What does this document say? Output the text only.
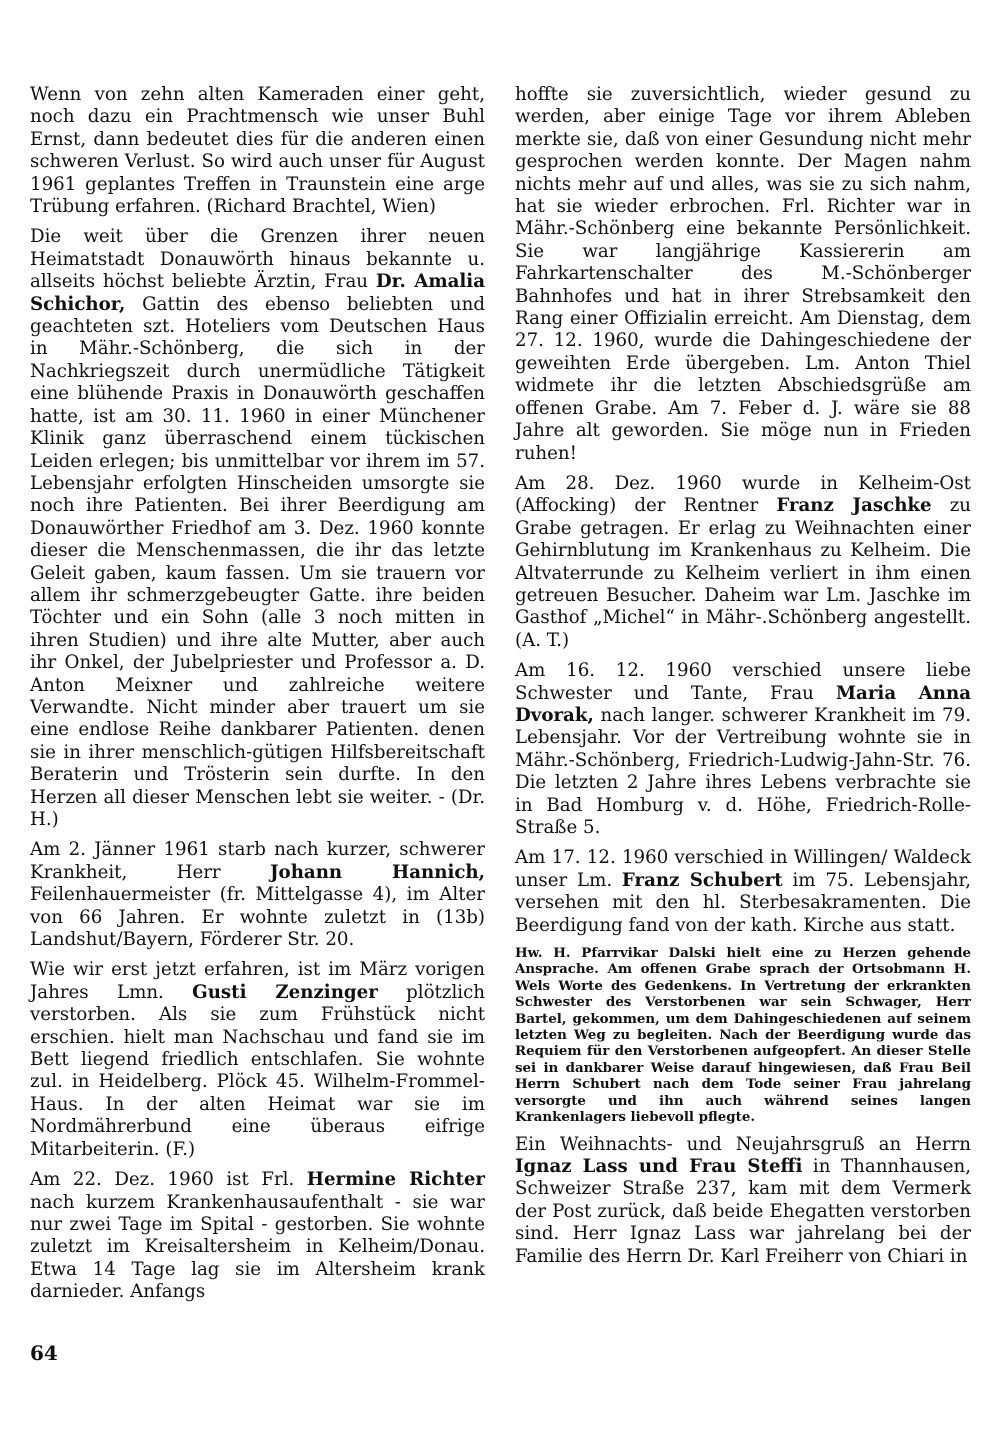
Wenn von zehn alten Kameraden einer geht, noch dazu ein Prachtmensch wie unser Buhl Ernst, dann bedeutet dies für die anderen einen schweren Verlust. So wird auch unser für August 1961 geplantes Treffen in Traunstein eine arge Trübung erfahren. (Richard Brachtel, Wien)

Die weit über die Grenzen ihrer neuen Heimatstadt Donauwörth hinaus bekannte u. allseits höchst beliebte Ärztin, Frau Dr. Amalia Schichor, Gattin des ebenso beliebten und geachteten szt. Hoteliers vom Deutschen Haus in Mähr.-Schönberg, die sich in der Nachkriegszeit durch unermüdliche Tätigkeit eine blühende Praxis in Donauwörth geschaffen hatte, ist am 30. 11. 1960 in einer Münchener Klinik ganz überraschend einem tückischen Leiden erlegen; bis unmittelbar vor ihrem im 57. Lebensjahr erfolgten Hinscheiden umsorgte sie noch ihre Patienten. Bei ihrer Beerdigung am Donauwörther Friedhof am 3. Dez. 1960 konnte dieser die Menschenmassen, die ihr das letzte Geleit gaben, kaum fassen. Um sie trauern vor allem ihr schmerzgebeugter Gatte. ihre beiden Töchter und ein Sohn (alle 3 noch mitten in ihren Studien) und ihre alte Mutter, aber auch ihr Onkel, der Jubelpriester und Professor a. D. Anton Meixner und zahlreiche weitere Verwandte. Nicht minder aber trauert um sie eine endlose Reihe dankbarer Patienten. denen sie in ihrer menschlich-gütigen Hilfsbereitschaft Beraterin und Trösterin sein durfte. In den Herzen all dieser Menschen lebt sie weiter. - (Dr. H.)

Am 2. Jänner 1961 starb nach kurzer, schwerer Krankheit, Herr Johann Hannich, Feilenhauermeister (fr. Mittelgasse 4), im Alter von 66 Jahren. Er wohnte zuletzt in (13b) Landshut/Bayern, Förderer Str. 20.

Wie wir erst jetzt erfahren, ist im März vorigen Jahres Lmn. Gusti Zenzinger plötzlich verstorben. Als sie zum Frühstück nicht erschien. hielt man Nachschau und fand sie im Bett liegend friedlich entschlafen. Sie wohnte zul. in Heidelberg. Plöck 45. Wilhelm-Frommel-Haus. In der alten Heimat war sie im Nordmährerbund eine überaus eifrige Mitarbeiterin. (F.)

Am 22. Dez. 1960 ist Frl. Hermine Richter nach kurzem Krankenhausaufenthalt - sie war nur zwei Tage im Spital - gestorben. Sie wohnte zuletzt im Kreisaltersheim in Kelheim/Donau. Etwa 14 Tage lag sie im Altersheim krank darnieder. Anfangs

hoffte sie zuversichtlich, wieder gesund zu werden, aber einige Tage vor ihrem Ableben merkte sie, daß von einer Gesundung nicht mehr gesprochen werden konnte. Der Magen nahm nichts mehr auf und alles, was sie zu sich nahm, hat sie wieder erbrochen. Frl. Richter war in Mähr.-Schönberg eine bekannte Persönlichkeit. Sie war langjährige Kassiererin am Fahrkartenschalter des M.-Schönberger Bahnhofes und hat in ihrer Strebsamkeit den Rang einer Offizialin erreicht. Am Dienstag, dem 27. 12. 1960, wurde die Dahingeschiedene der geweihten Erde übergeben. Lm. Anton Thiel widmete ihr die letzten Abschiedsgrüße am offenen Grabe. Am 7. Feber d. J. wäre sie 88 Jahre alt geworden. Sie möge nun in Frieden ruhen!

Am 28. Dez. 1960 wurde in Kelheim-Ost (Affocking) der Rentner Franz Jaschke zu Grabe getragen. Er erlag zu Weihnachten einer Gehirnblutung im Krankenhaus zu Kelheim. Die Altvaterrunde zu Kelheim verliert in ihm einen getreuen Besucher. Daheim war Lm. Jaschke im Gasthof „Michel“ in Mähr-.Schönberg angestellt. (A. T.)

Am 16. 12. 1960 verschied unsere liebe Schwester und Tante, Frau Maria Anna Dvorak, nach langer. schwerer Krankheit im 79. Lebensjahr. Vor der Vertreibung wohnte sie in Mähr.-Schönberg, Friedrich-Ludwig-Jahn-Str. 76. Die letzten 2 Jahre ihres Lebens verbrachte sie in Bad Homburg v. d. Höhe, Friedrich-Rolle-Straße 5.

Am 17. 12. 1960 verschied in Willingen/ Waldeck unser Lm. Franz Schubert im 75. Lebensjahr, versehen mit den hl. Sterbesakramenten. Die Beerdigung fand von der kath. Kirche aus statt.

Hw. H. Pfarrvikar Dalski hielt eine zu Herzen gehende Ansprache. Am offenen Grabe sprach der Ortsobmann H. Wels Worte des Gedenkens. In Vertretung der erkrankten Schwester des Verstorbenen war sein Schwager, Herr Bartel, gekommen, um dem Dahingeschiedenen auf seinem letzten Weg zu begleiten. Nach der Beerdigung wurde das Requiem für den Verstorbenen aufgeopfert. An dieser Stelle sei in dankbarer Weise darauf hingewiesen, daß Frau Beil Herrn Schubert nach dem Tode seiner Frau jahrelang versorgte und ihn auch während seines langen Krankenlagers liebevoll pflegte.

Ein Weihnachts- und Neujahrsgruß an Herrn Ignaz Lass und Frau Steffi in Thannhausen, Schweizer Straße 237, kam mit dem Vermerk der Post zurück, daß beide Ehegatten verstorben sind. Herr Ignaz Lass war jahrelang bei der Familie des Herrn Dr. Karl Freiherr von Chiari in

64
